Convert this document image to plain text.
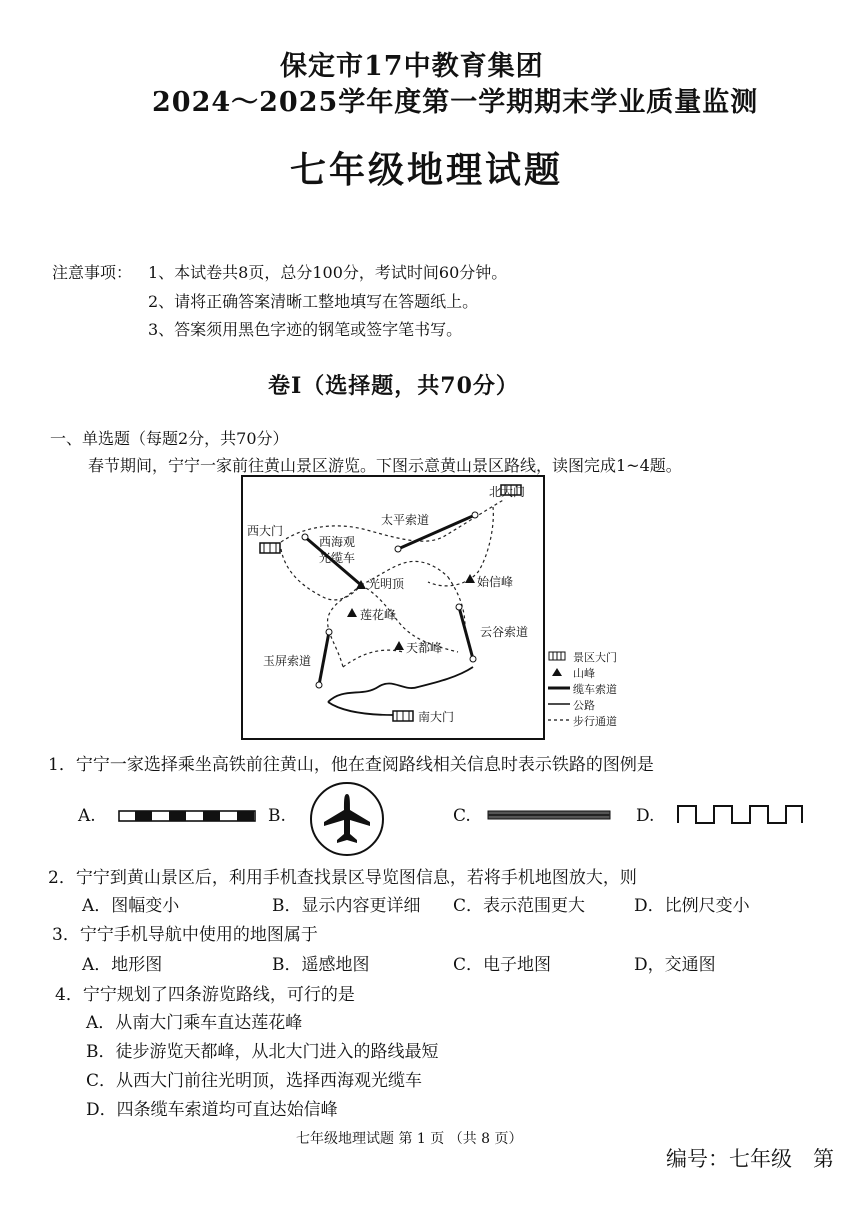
保定市17中教育集团
2024～2025学年度第一学期期末学业质量监测
七年级地理试题
注意事项： 1、本试卷共8页，总分100分，考试时间60分钟。
2、请将正确答案清晰工整地填写在答题纸上。
3、答案须用黑色字迹的钢笔或签字笔书写。
卷Ⅰ（选择题，共70分）
一、单选题（每题2分，共70分）
春节期间，宁宁一家前往黄山景区游览。下图示意黄山景区路线，读图完成1~4题。
北大门
西大门
南大门
太平索道
西海观
光缆车
光明顶	始信峰
莲花峰
天都峰
云谷索道
玉屏索道	景区大门
山峰
缆车索道
公路
步行通道
1．宁宁一家选择乘坐高铁前往黄山，他在查阅路线相关信息时表示铁路的图例是
A.	B.	C.	D.
2．宁宁到黄山景区后，利用手机查找景区导览图信息，若将手机地图放大，则
A．图幅变小	B．显示内容更详细 C．表示范围更大	D．比例尺变小
3．宁宁手机导航中使用的地图属于
A．地形图	B．遥感地图	C．电子地图	D，交通图
4．宁宁规划了四条游览路线，可行的是
A．从南大门乘车直达莲花峰
B．徒步游览天都峰，从北大门进入的路线最短
C．从西大门前往光明顶，选择西海观光缆车
D．四条缆车索道均可直达始信峰
七年级地理试题 第 1 页 （共 8 页）
编号：七年级　第
